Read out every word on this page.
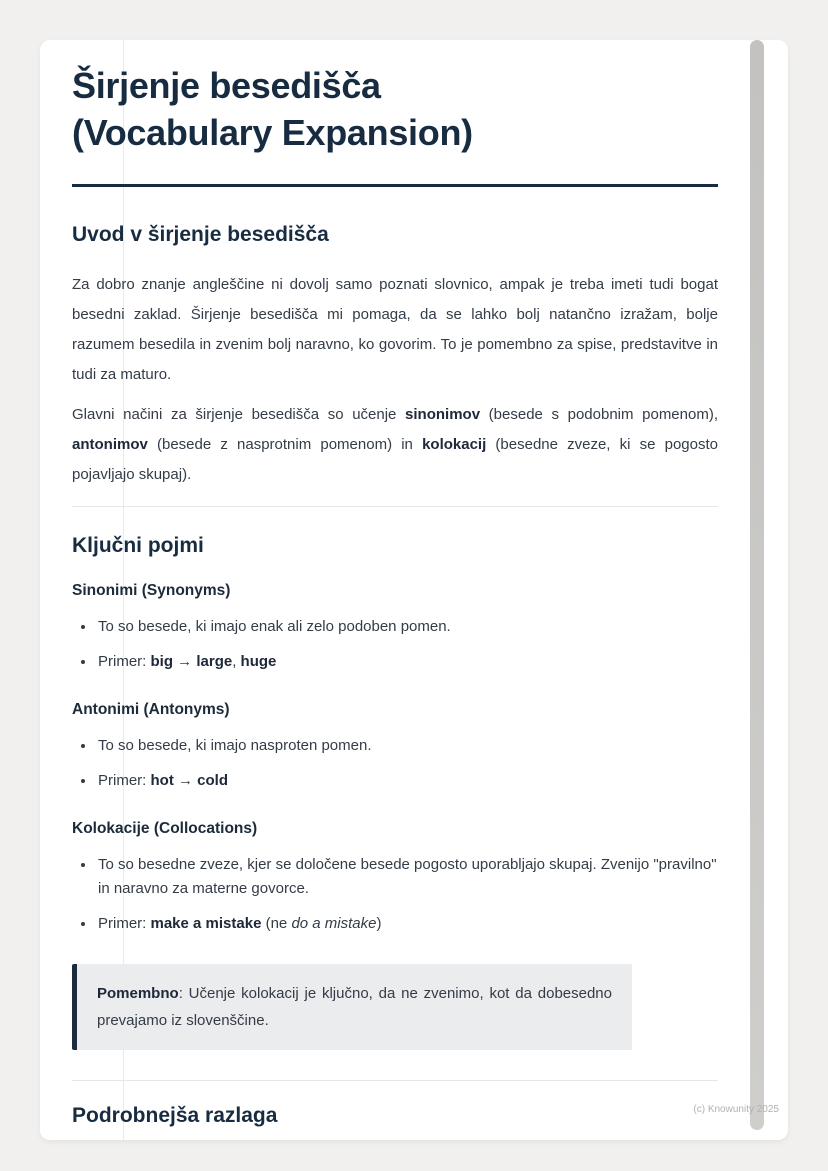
Širjenje besedišča
(Vocabulary Expansion)
Uvod v širjenje besedišča

Za dobro znanje angleščine ni dovolj samo poznati slovnico, ampak je treba imeti tudi bogat besedni zaklad. Širjenje besedišča mi pomaga, da se lahko bolj natančno izražam, bolje razumem besedila in zvenim bolj naravno, ko govorim. To je pomembno za spise, predstavitve in tudi za maturo.

Glavni načini za širjenje besedišča so učenje sinonimov (besede s podobnim pomenom), antonimov (besede z nasprotnim pomenom) in kolokacij (besedne zveze, ki se pogosto pojavljajo skupaj).

Ključni pojmi
Sinonimi (Synonyms)
• To so besede, ki imajo enak ali zelo podoben pomen.
• Primer: big → large, huge
Antonimi (Antonyms)
• To so besede, ki imajo nasproten pomen.
• Primer: hot → cold
Kolokacije (Collocations)
• To so besedne zveze, kjer se določene besede pogosto uporabljajo skupaj. Zvenijo "pravilno" in naravno za materne govorce.
• Primer: make a mistake (ne do a mistake)
Pomembno: Učenje kolokacij je ključno, da ne zvenimo, kot da dobesedno prevajamo iz slovenščine.
Podrobnejša razlaga	(c) Knowunity 2025
